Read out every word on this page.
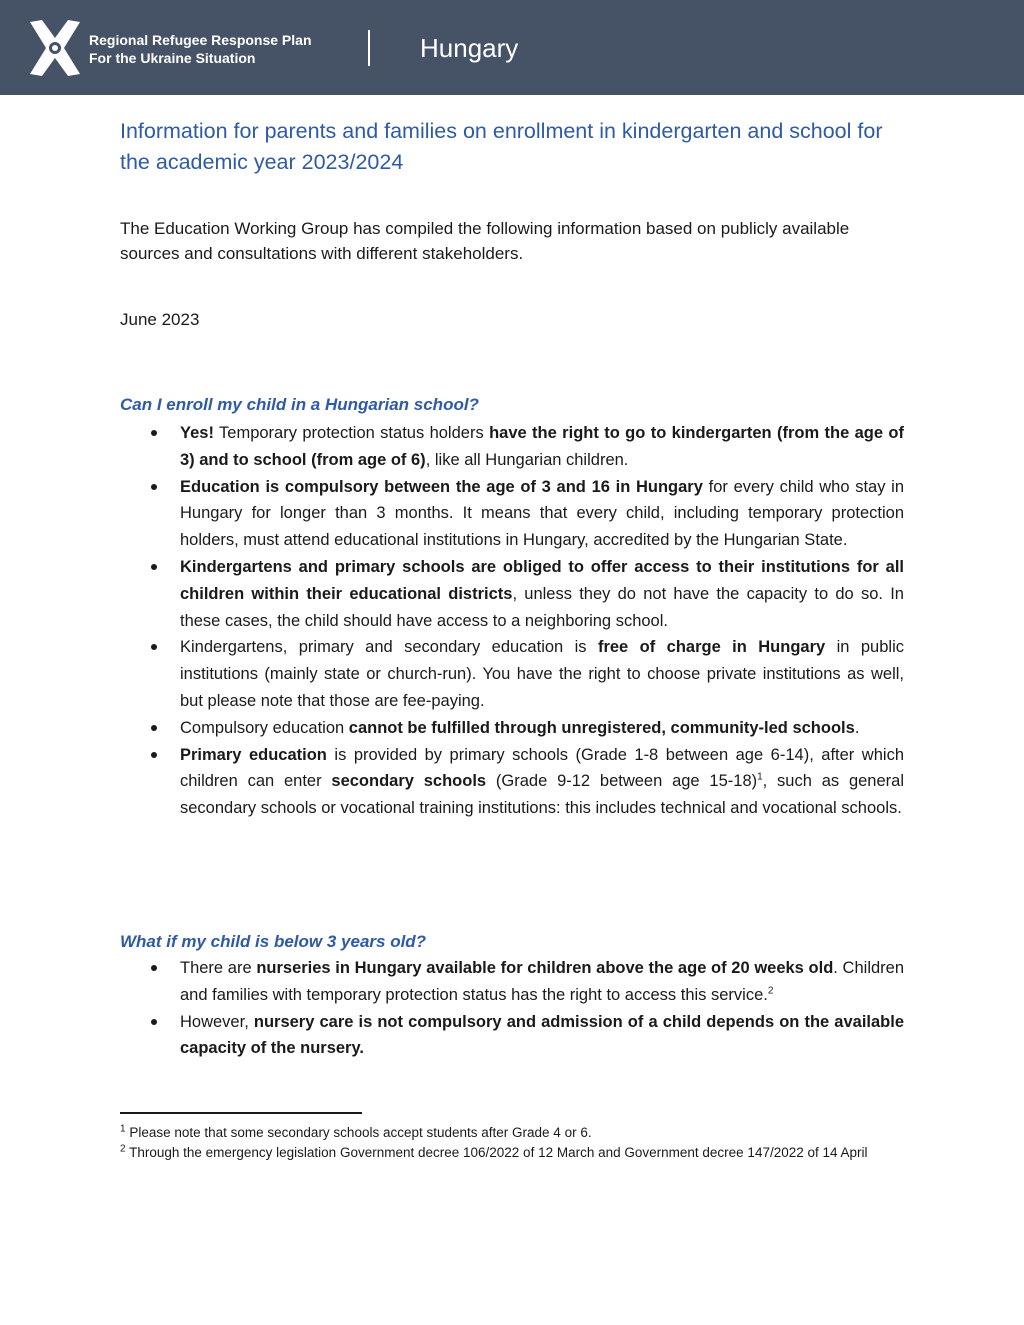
Regional Refugee Response Plan
For the Ukraine Situation	Hungary
Information for parents and families on enrollment in kindergarten and school for the academic year 2023/2024

The Education Working Group has compiled the following information based on publicly available sources and consultations with different stakeholders.

June 2023

Can I enroll my child in a Hungarian school?
Yes! Temporary protection status holders have the right to go to kindergarten (from the age of 3) and to school (from age of 6), like all Hungarian children.
Education is compulsory between the age of 3 and 16 in Hungary for every child who stay in Hungary for longer than 3 months. It means that every child, including temporary protection holders, must attend educational institutions in Hungary, accredited by the Hungarian State.
Kindergartens and primary schools are obliged to offer access to their institutions for all children within their educational districts, unless they do not have the capacity to do so. In these cases, the child should have access to a neighboring school.
Kindergartens, primary and secondary education is free of charge in Hungary in public institutions (mainly state or church-run). You have the right to choose private institutions as well, but please note that those are fee-paying.
Compulsory education cannot be fulfilled through unregistered, community-led schools.
Primary education is provided by primary schools (Grade 1-8 between age 6-14), after which children can enter secondary schools (Grade 9-12 between age 15-18)$^1$, such as general secondary schools or vocational training institutions: this includes technical and vocational schools.
What if my child is below 3 years old?
There are nurseries in Hungary available for children above the age of 20 weeks old. Children and families with temporary protection status has the right to access this service.$^2$
However, nursery care is not compulsory and admission of a child depends on the available capacity of the nursery.

$^1$ Please note that some secondary schools accept students after Grade 4 or 6.

$^2$ Through the emergency legislation Government decree 106/2022 of 12 March and Government decree 147/2022 of 14 April
